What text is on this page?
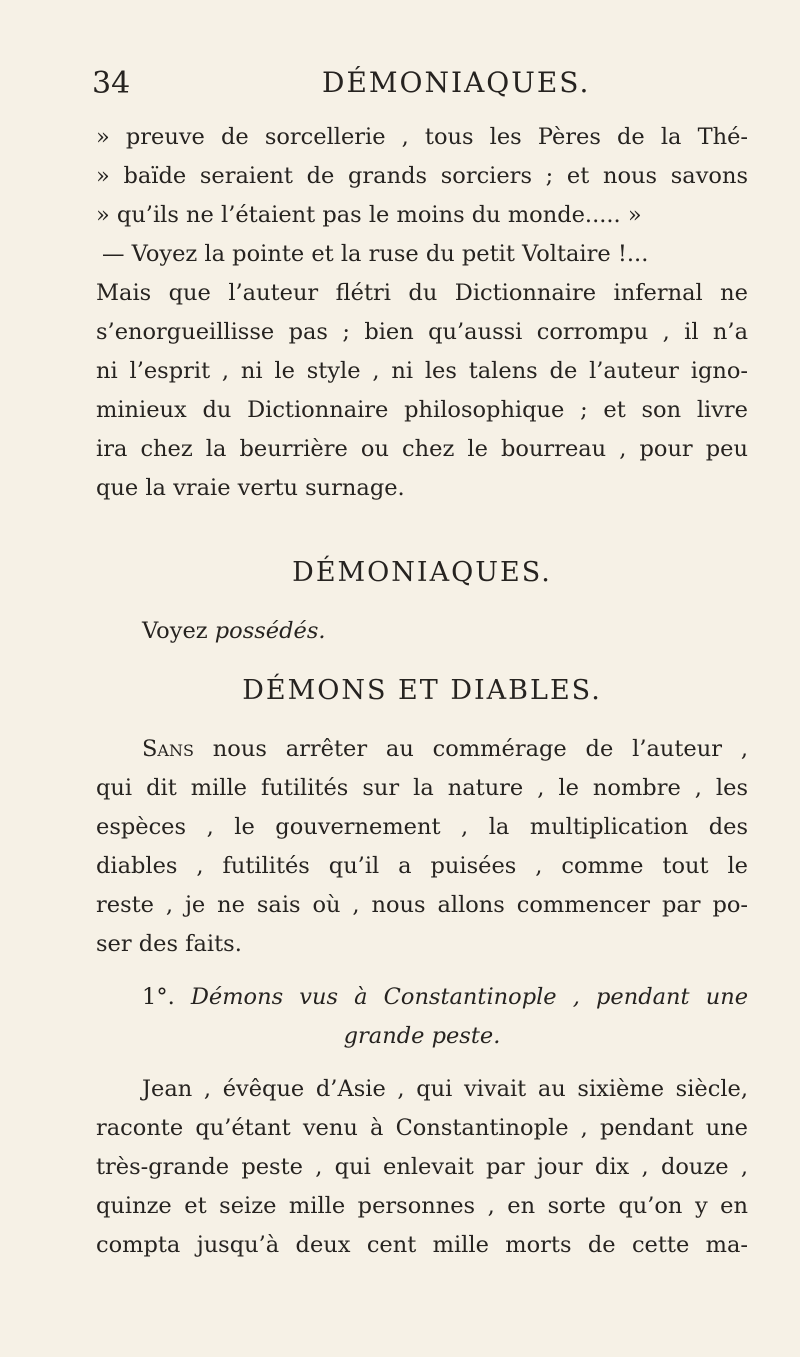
34	DÉMONIAQUES.

» preuve de sorcellerie , tous les Pères de la Thé-

» baïde seraient de grands sorciers ; et nous savons

» qu’ils ne l’étaient pas le moins du monde..... »

— Voyez la pointe et la ruse du petit Voltaire !...

Mais que l’auteur flétri du Dictionnaire infernal ne

s’enorgueillisse pas ; bien qu’aussi corrompu , il n’a

ni l’esprit , ni le style , ni les talens de l’auteur igno-

minieux du Dictionnaire philosophique ; et son livre

ira chez la beurrière ou chez le bourreau , pour peu

que la vraie vertu surnage.

DÉMONIAQUES.

Voyez possédés.

DÉMONS ET DIABLES.

Sans nous arrêter au commérage de l’auteur ,

qui dit mille futilités sur la nature , le nombre , les

espèces , le gouvernement , la multiplication des

diables , futilités qu’il a puisées , comme tout le

reste , je ne sais où , nous allons commencer par po-

ser des faits.

1°. Démons vus à Constantinople , pendant une

grande peste.

Jean , évêque d’Asie , qui vivait au sixième siècle,

raconte qu’étant venu à Constantinople , pendant une

très-grande peste , qui enlevait par jour dix , douze ,

quinze et seize mille personnes , en sorte qu’on y en

compta jusqu’à deux cent mille morts de cette ma-
